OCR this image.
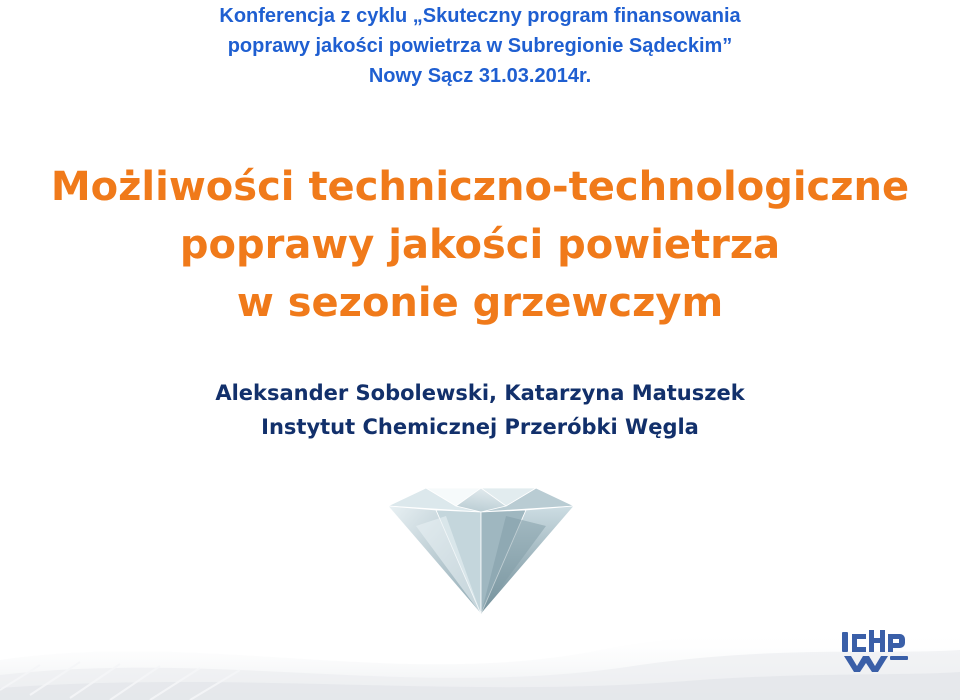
Konferencja z cyklu „Skuteczny program finansowania
poprawy jakości powietrza w Subregionie Sądeckim”
Nowy Sącz 31.03.2014r.
Możliwości techniczno-technologiczne
poprawy jakości powietrza
w sezonie grzewczym
Aleksander Sobolewski, Katarzyna Matuszek
Instytut Chemicznej Przeróbki Węgla
